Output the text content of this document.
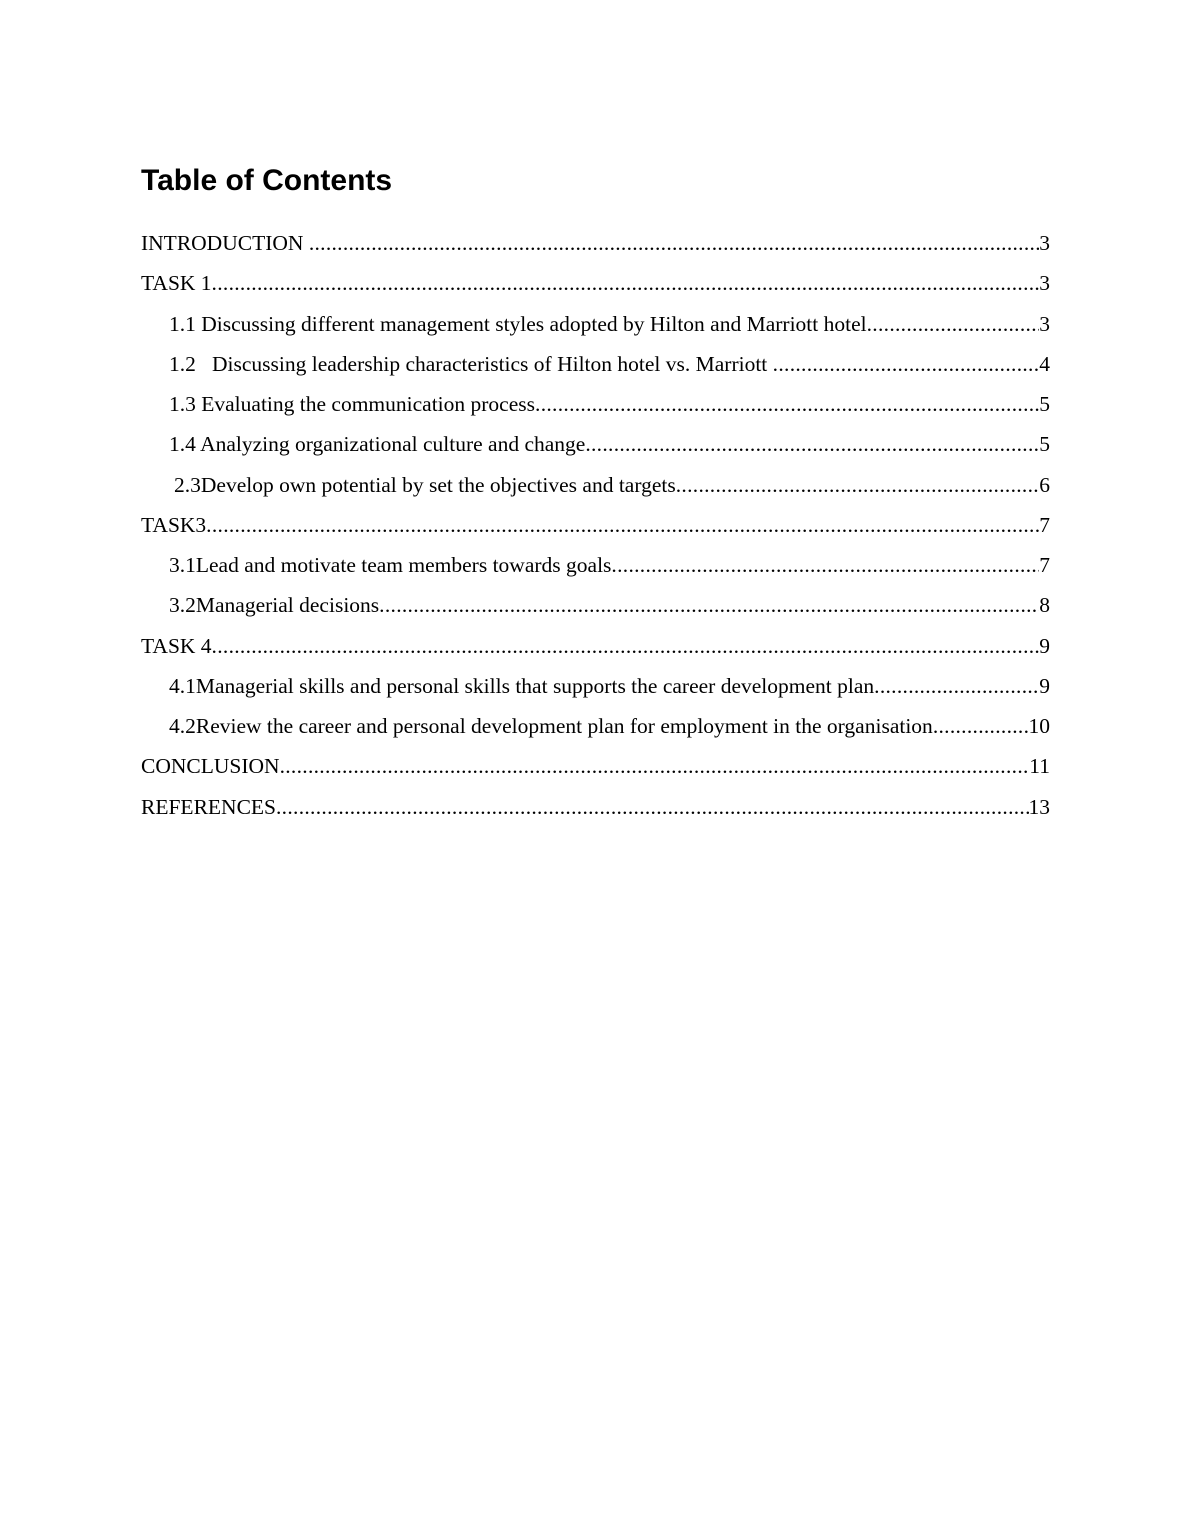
Table of Contents
INTRODUCTION .....	3
TASK 1 .....	3
1.1 Discussing different management styles adopted by Hilton and Marriott hotel .....	3
1.2   Discussing leadership characteristics of Hilton hotel vs. Marriott .....	4
1.3 Evaluating the communication process .....	5
1.4 Analyzing organizational culture and change .....	5
2.3Develop own potential by set the objectives and targets .....	6
TASK3 .....	7
3.1Lead and motivate team members towards goals .....	7
3.2Managerial decisions .....	8
TASK 4 .....	9
4.1Managerial skills and personal skills that supports the career development plan .....	9
4.2Review the career and personal development plan for employment in the organisation .....	10
CONCLUSION .....	11
REFERENCES .....	13
